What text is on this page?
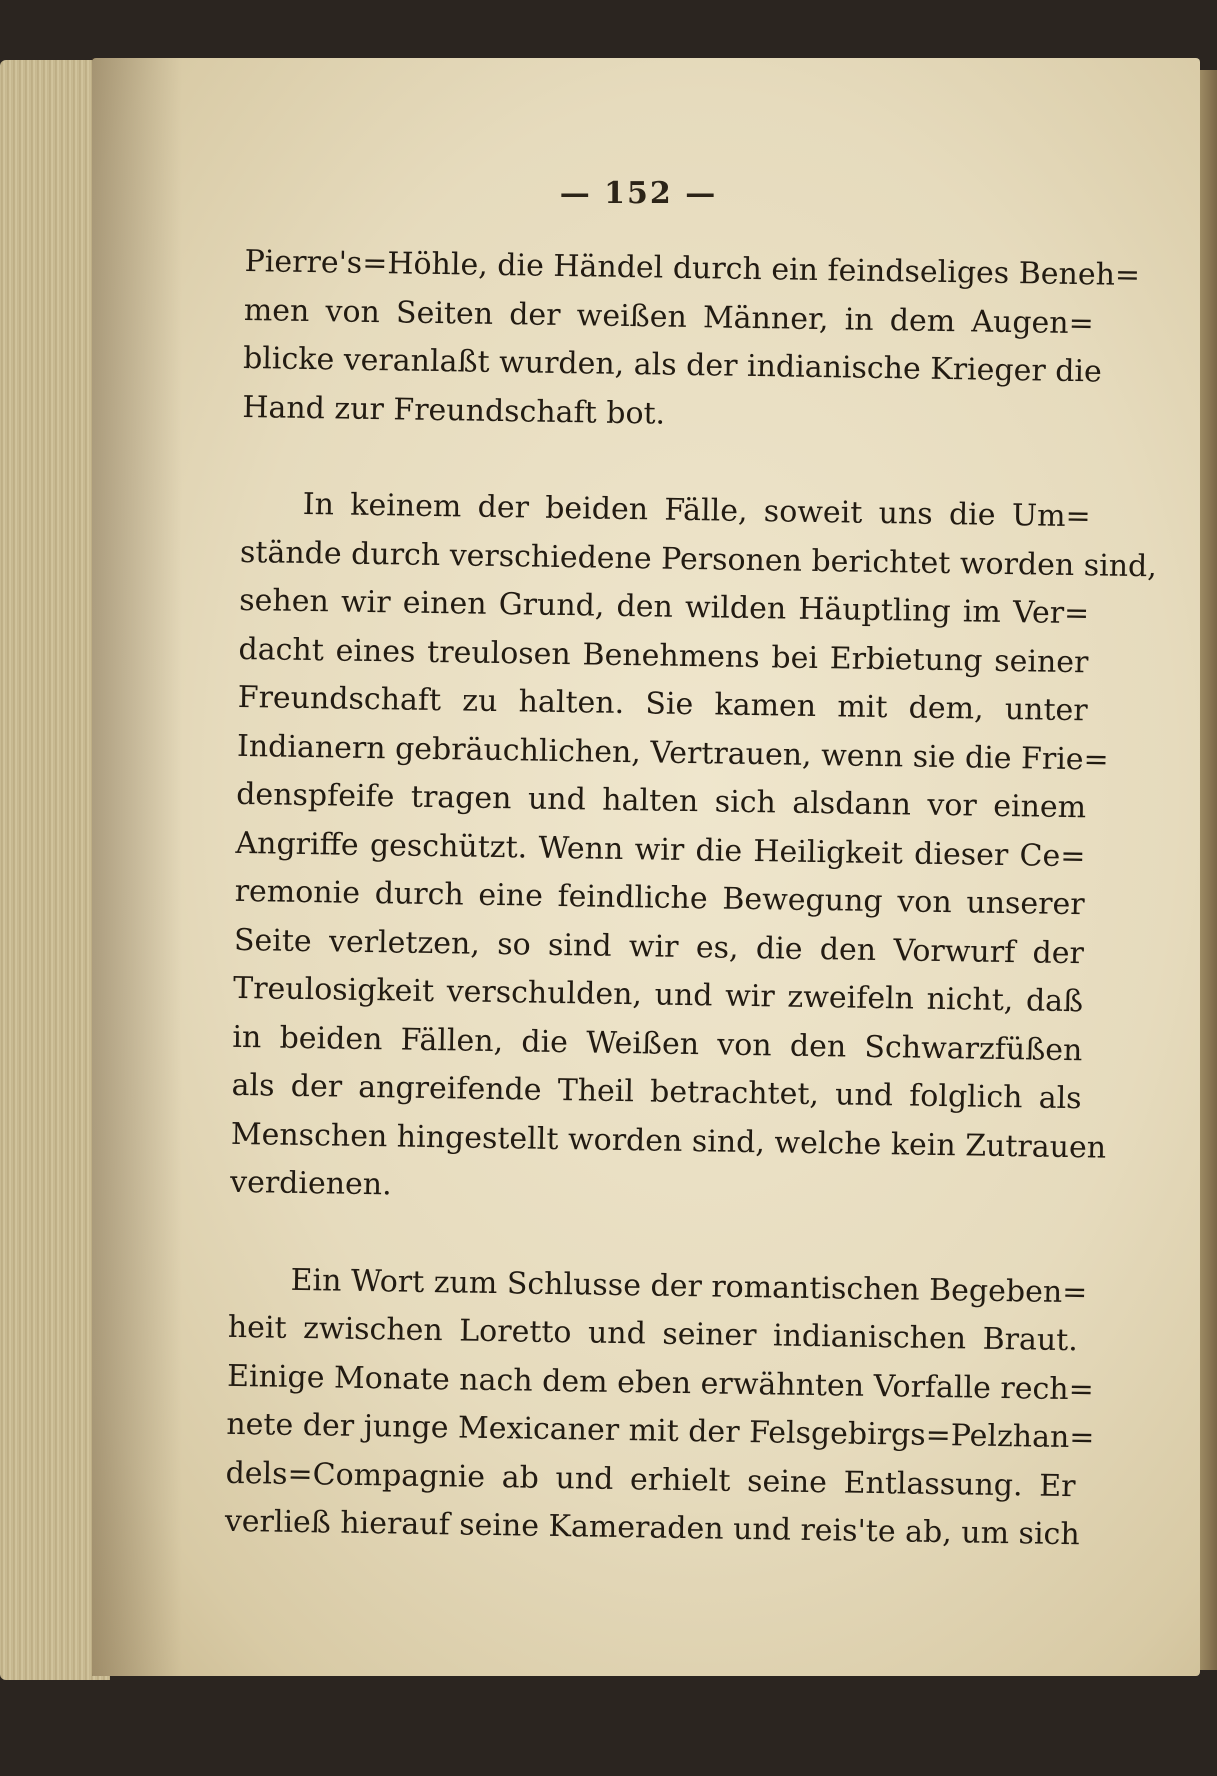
— 152 —
Pierre's=Höhle, die Händel durch ein feindseliges Beneh=
men von Seiten der weißen Männer, in dem Augen=
blicke veranlaßt wurden, als der indianische Krieger die
Hand zur Freundschaft bot.
In keinem der beiden Fälle, soweit uns die Um=
stände durch verschiedene Personen berichtet worden sind,
sehen wir einen Grund, den wilden Häuptling im Ver=
dacht eines treulosen Benehmens bei Erbietung seiner
Freundschaft zu halten. Sie kamen mit dem, unter
Indianern gebräuchlichen, Vertrauen, wenn sie die Frie=
denspfeife tragen und halten sich alsdann vor einem
Angriffe geschützt. Wenn wir die Heiligkeit dieser Ce=
remonie durch eine feindliche Bewegung von unserer
Seite verletzen, so sind wir es, die den Vorwurf der
Treulosigkeit verschulden, und wir zweifeln nicht, daß
in beiden Fällen, die Weißen von den Schwarzfüßen
als der angreifende Theil betrachtet, und folglich als
Menschen hingestellt worden sind, welche kein Zutrauen
verdienen.
Ein Wort zum Schlusse der romantischen Begeben=
heit zwischen Loretto und seiner indianischen Braut.
Einige Monate nach dem eben erwähnten Vorfalle rech=
nete der junge Mexicaner mit der Felsgebirgs=Pelzhan=
dels=Compagnie ab und erhielt seine Entlassung. Er
verließ hierauf seine Kameraden und reis'te ab, um sich
